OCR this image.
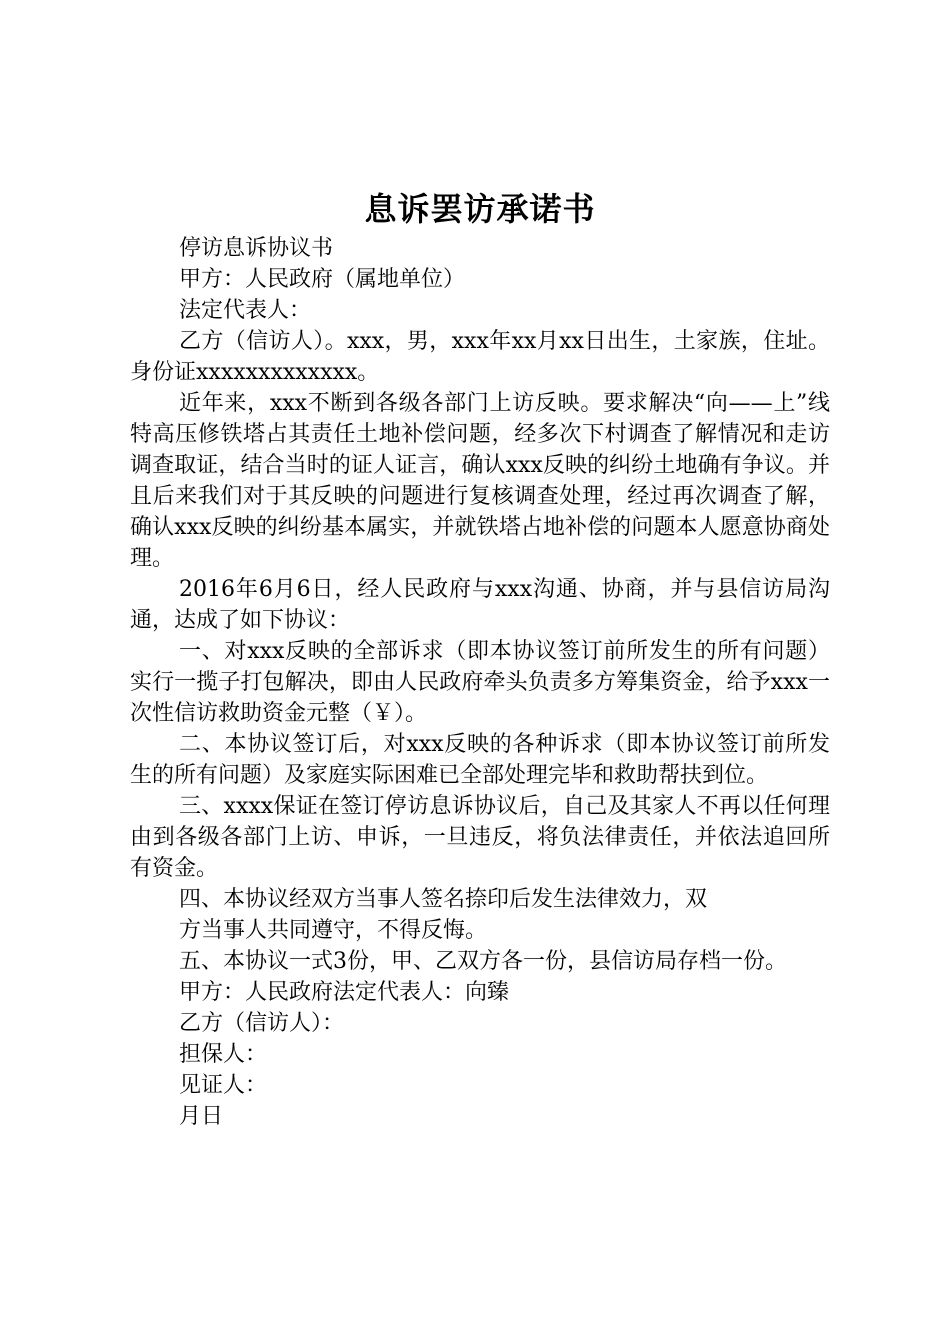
息诉罢访承诺书

停访息诉协议书

甲方：人民政府（属地单位）

法定代表人：

乙方（信访人）。xxx，男，xxx年xx月xx日出生，土家族，住址。身份证xxxxxxxxxxxxx。

近年来，xxx不断到各级各部门上访反映。要求解决“向——上”线特高压修铁塔占其责任土地补偿问题，经多次下村调查了解情况和走访调查取证，结合当时的证人证言，确认xxx反映的纠纷土地确有争议。并且后来我们对于其反映的问题进行复核调查处理，经过再次调查了解，确认xxx反映的纠纷基本属实，并就铁塔占地补偿的问题本人愿意协商处理。

2016年6月6日，经人民政府与xxx沟通、协商，并与县信访局沟通，达成了如下协议：

一、对xxx反映的全部诉求（即本协议签订前所发生的所有问题）实行一揽子打包解决，即由人民政府牵头负责多方筹集资金，给予xxx一次性信访救助资金元整（￥）。

二、本协议签订后，对xxx反映的各种诉求（即本协议签订前所发生的所有问题）及家庭实际困难已全部处理完毕和救助帮扶到位。

三、xxxx保证在签订停访息诉协议后，自己及其家人不再以任何理由到各级各部门上访、申诉，一旦违反，将负法律责任，并依法追回所有资金。

四、本协议经双方当事人签名捺印后发生法律效力，双

方当事人共同遵守，不得反悔。

五、本协议一式3份，甲、乙双方各一份，县信访局存档一份。

甲方：人民政府法定代表人：向臻

乙方（信访人）：

担保人：

见证人：

月日
